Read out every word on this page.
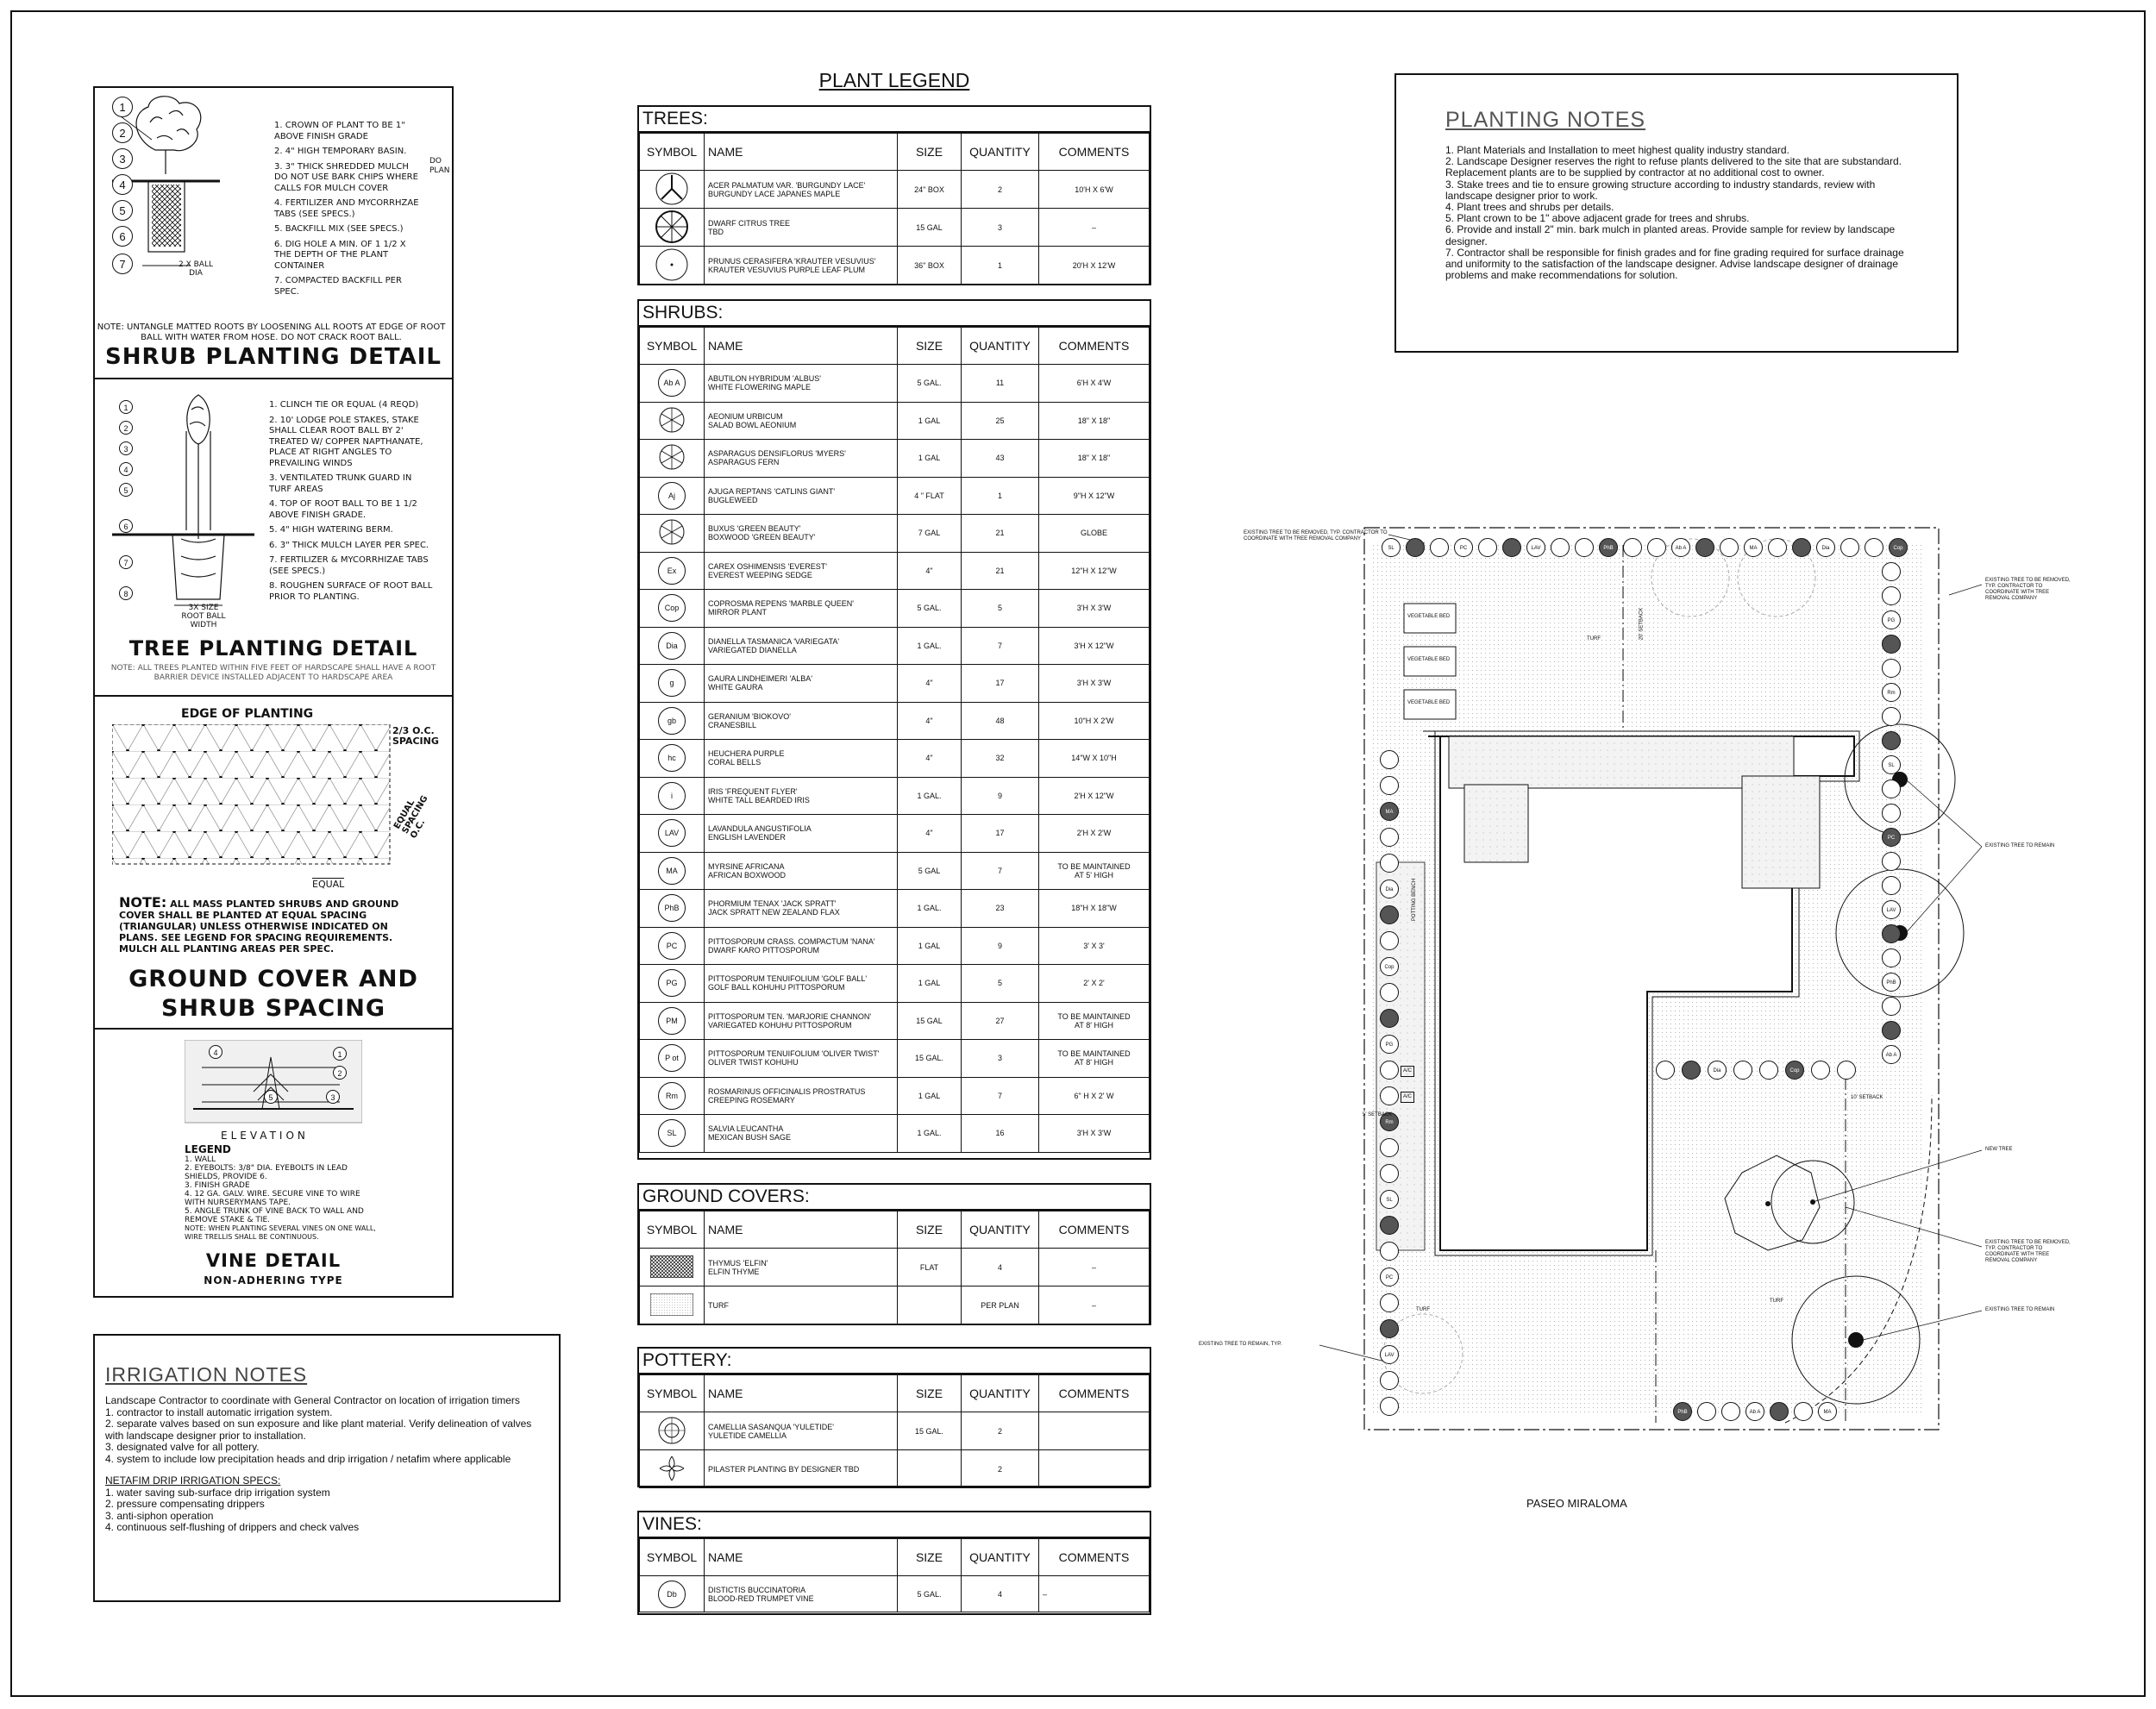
1
2
3
4
5
6
7	2 X BALL DIA
1. CROWN OF PLANT TO BE 1" ABOVE FINISH GRADE
2. 4" HIGH TEMPORARY BASIN.
3. 3" THICK SHREDDED MULCH DO NOT USE BARK CHIPS WHERE CALLS FOR MULCH COVER
4. FERTILIZER AND MYCORRHZAE TABS (SEE SPECS.)
5. BACKFILL MIX (SEE SPECS.)
6. DIG HOLE A MIN. OF 1 1/2 X THE DEPTH OF THE PLANT CONTAINER
7. COMPACTED BACKFILL PER SPEC.
DO PLAN
NOTE: UNTANGLE MATTED ROOTS BY LOOSENING ALL ROOTS AT EDGE OF ROOT BALL WITH WATER FROM HOSE. DO NOT CRACK ROOT BALL.
SHRUB PLANTING DETAIL
1
2
3
4
5
6
7
8
3X SIZE ROOT BALL WIDTH
1. CLINCH TIE OR EQUAL (4 REQD)
2. 10' LODGE POLE STAKES, STAKE SHALL CLEAR ROOT BALL BY 2' TREATED W/ COPPER NAPTHANATE, PLACE AT RIGHT ANGLES TO PREVAILING WINDS
3. VENTILATED TRUNK GUARD IN TURF AREAS
4. TOP OF ROOT BALL TO BE 1 1/2 ABOVE FINISH GRADE.
5. 4" HIGH WATERING BERM.
6. 3" THICK MULCH LAYER PER SPEC.
7. FERTILIZER & MYCORRHIZAE TABS (SEE SPECS.)
8. ROUGHEN SURFACE OF ROOT BALL PRIOR TO PLANTING.
TREE PLANTING DETAIL
NOTE: ALL TREES PLANTED WITHIN FIVE FEET OF HARDSCAPE SHALL HAVE A ROOT BARRIER DEVICE INSTALLED ADJACENT TO HARDSCAPE AREA
EDGE OF PLANTING
2/3 O.C. SPACING
EQUAL SPACING O.C.
EQUAL
NOTE: ALL MASS PLANTED SHRUBS AND GROUND COVER SHALL BE PLANTED AT EQUAL SPACING (TRIANGULAR) UNLESS OTHERWISE INDICATED ON PLANS. SEE LEGEND FOR SPACING REQUIREMENTS. MULCH ALL PLANTING AREAS PER SPEC.
GROUND COVER AND
SHRUB SPACING
4	1
2
5	3
ELEVATION
LEGEND
1. WALL
2. EYEBOLTS: 3/8" DIA. EYEBOLTS IN LEAD SHIELDS, PROVIDE 6.
3. FINISH GRADE
4. 12 GA. GALV. WIRE. SECURE VINE TO WIRE WITH NURSERYMANS TAPE.
5. ANGLE TRUNK OF VINE BACK TO WALL AND REMOVE STAKE & TIE.
NOTE: WHEN PLANTING SEVERAL VINES ON ONE WALL, WIRE TRELLIS SHALL BE CONTINUOUS.
VINE DETAIL
NON-ADHERING TYPE
IRRIGATION NOTES

Landscape Contractor to coordinate with General Contractor on location of irrigation timers

1. contractor to install automatic irrigation system.

2. separate valves based on sun exposure and like plant material. Verify delineation of valves with landscape designer prior to installation.

3. designated valve for all pottery.

4. system to include low precipitation heads and drip irrigation / netafim where applicable

NETAFIM DRIP IRRIGATION SPECS:

1. water saving sub-surface drip irrigation system

2. pressure compensating drippers

3. anti-siphon operation

4. continuous self-flushing of drippers and check valves

PLANT LEGEND
TREES:
SYMBOL	NAME	SIZE	QUANTITY	COMMENTS
	ACER PALMATUM VAR. 'BURGUNDY LACE'
BURGUNDY LACE JAPANES MAPLE	24" BOX	2	10'H X 6'W
	DWARF CITRUS TREE
TBD	15 GAL	3	–
	PRUNUS CERASIFERA 'KRAUTER VESUVIUS'
KRAUTER VESUVIUS PURPLE LEAF PLUM	36" BOX	1	20'H X 12'W
SHRUBS:
SYMBOL	NAME	SIZE	QUANTITY	COMMENTS
Ab A	ABUTILON HYBRIDUM 'ALBUS'
WHITE FLOWERING MAPLE	5 GAL.	11	6'H X 4'W
	AEONIUM URBICUM
SALAD BOWL AEONIUM	1 GAL	25	18" X 18"
	ASPARAGUS DENSIFLORUS 'MYERS'
ASPARAGUS FERN	1 GAL	43	18" X 18"
Aj	AJUGA REPTANS 'CATLINS GIANT'
BUGLEWEED	4 " FLAT	1	9"H X 12"W
	BUXUS 'GREEN BEAUTY'
BOXWOOD 'GREEN BEAUTY'	7 GAL	21	GLOBE
Ex	CAREX OSHIMENSIS 'EVEREST'
EVEREST WEEPING SEDGE	4"	21	12"H X 12"W
Cop	COPROSMA REPENS 'MARBLE QUEEN'
MIRROR PLANT	5 GAL.	5	3'H X 3'W
Dia	DIANELLA TASMANICA 'VARIEGATA'
VARIEGATED DIANELLA	1 GAL.	7	3'H X 12"W
g	GAURA LINDHEIMERI 'ALBA'
WHITE GAURA	4"	17	3'H X 3'W
gb	GERANIUM 'BIOKOVO'
CRANESBILL	4"	48	10"H X 2'W
hc	HEUCHERA PURPLE
CORAL BELLS	4"	32	14"W X 10"H
i	IRIS 'FREQUENT FLYER'
WHITE TALL BEARDED IRIS	1 GAL.	9	2'H X 12"W
LAV	LAVANDULA ANGUSTIFOLIA
ENGLISH LAVENDER	4"	17	2'H X 2'W
MA	MYRSINE AFRICANA
AFRICAN BOXWOOD	5 GAL	7	TO BE MAINTAINED
AT 5' HIGH
PhB	PHORMIUM TENAX 'JACK SPRATT'
JACK SPRATT NEW ZEALAND FLAX	1 GAL.	23	18"H X 18"W
PC	PITTOSPORUM CRASS. COMPACTUM 'NANA'
DWARF KARO PITTOSPORUM	1 GAL	9	3' X 3'
PG	PITTOSPORUM TENUIFOLIUM 'GOLF BALL'
GOLF BALL KOHUHU PITTOSPORUM	1 GAL	5	2' X 2'
PM	PITTOSPORUM TEN. 'MARJORIE CHANNON'
VARIEGATED KOHUHU PITTOSPORUM	15 GAL	27	TO BE MAINTAINED
AT 8' HIGH
P ot	PITTOSPORUM TENUIFOLIUM 'OLIVER TWIST'
OLIVER TWIST KOHUHU	15 GAL.	3	TO BE MAINTAINED
AT 8' HIGH
Rm	ROSMARINUS OFFICINALIS PROSTRATUS
CREEPING ROSEMARY	1 GAL	7	6" H X 2' W
SL	SALVIA LEUCANTHA
MEXICAN BUSH SAGE	1 GAL.	16	3'H X 3'W
GROUND COVERS:
SYMBOL	NAME	SIZE	QUANTITY	COMMENTS
	THYMUS 'ELFIN'
ELFIN THYME	FLAT	4	–
	TURF		PER PLAN	–
POTTERY:
SYMBOL	NAME	SIZE	QUANTITY	COMMENTS
	CAMELLIA SASANQUA 'YULETIDE'
YULETIDE CAMELLIA	15 GAL.	2	
	PILASTER PLANTING BY DESIGNER TBD		2	
VINES:
SYMBOL	NAME	SIZE	QUANTITY	COMMENTS
Db	DISTICTIS BUCCINATORIA
BLOOD-RED TRUMPET VINE	5 GAL.	4	–
PLANTING NOTES

1. Plant Materials and Installation to meet highest quality industry standard.

2. Landscape Designer reserves the right to refuse plants delivered to the site that are substandard. Replacement plants are to be supplied by contractor at no additional cost to owner.

3. Stake trees and tie to ensure growing structure according to industry standards, review with landscape designer prior to work.

4. Plant trees and shrubs per details.

5. Plant crown to be 1" above adjacent grade for trees and shrubs.

6. Provide and install 2" min. bark mulch in planted areas. Provide sample for review by landscape designer.

7. Contractor shall be responsible for finish grades and for fine grading required for surface drainage and uniformity to the satisfaction of the landscape designer. Advise landscape designer of drainage problems and make recommendations for solution.

SL	PC	LAV	PhB	Ab A	MA	Dia	Cop
PG
Rm
SL
PC
LAV
PhB
Ab A
MA
Dia
Cop
PG
Rm
SL
PC
LAV
PhB	Ab A	MA
Dia	Cop
EXISTING TREE TO BE REMOVED, TYP. CONTRACTOR TO COORDINATE WITH TREE REMOVAL COMPANY
EXISTING TREE TO BE REMOVED, TYP. CONTRACTOR TO COORDINATE WITH TREE REMOVAL COMPANY
EXISTING TREE TO REMAIN
NEW TREE
EXISTING TREE TO BE REMOVED, TYP. CONTRACTOR TO COORDINATE WITH TREE REMOVAL COMPANY
EXISTING TREE TO REMAIN
EXISTING TREE TO REMAIN, TYP.
TURF
TURF
TURF
VEGETABLE BED
VEGETABLE BED
VEGETABLE BED
20' SETBACK
10' SETBACK
5' SETBACK
A/C
A/C
POTTING BENCH
PASEO MIRALOMA
